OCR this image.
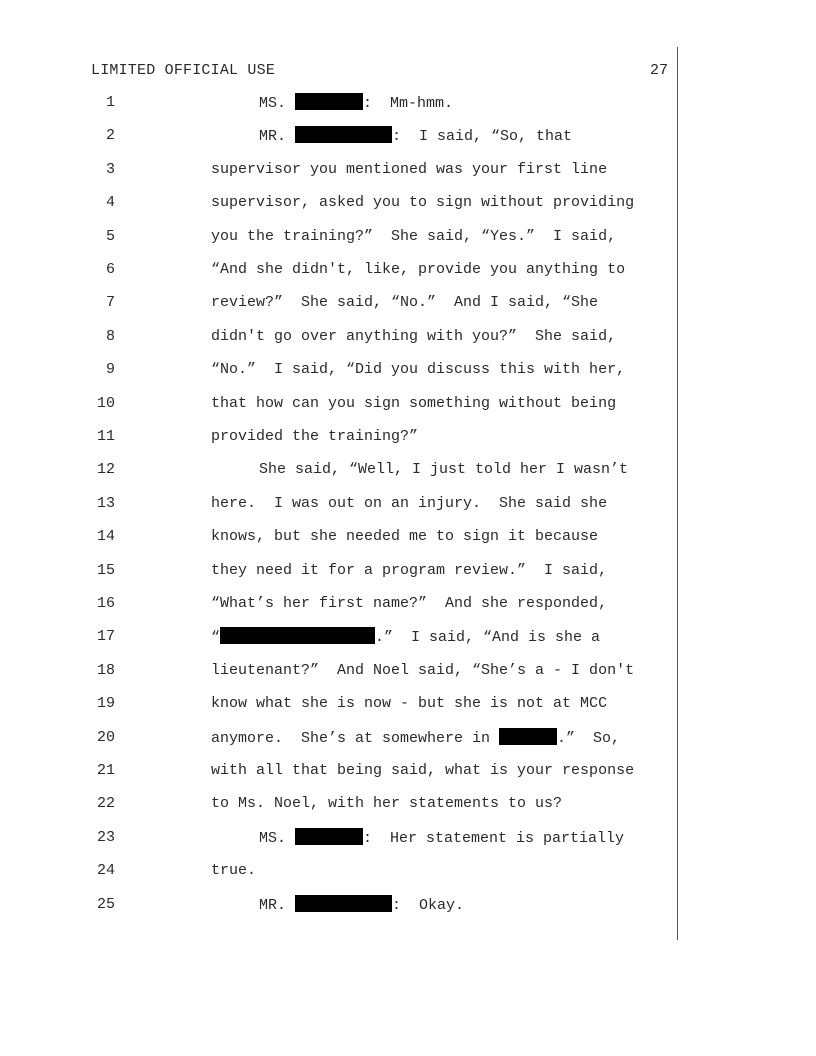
LIMITED OFFICIAL USE	27
1	MS.	:  Mm-hmm.
2	MR.	:  I said, “So, that
3	supervisor you mentioned was your first line
4	supervisor, asked you to sign without providing
5	you the training?”  She said, “Yes.”  I said,
6	“And she didn't, like, provide you anything to
7	review?”  She said, “No.”  And I said, “She
8	didn't go over anything with you?”  She said,
9	“No.”  I said, “Did you discuss this with her,
10	that how can you sign something without being
11	provided the training?”
12	She said, “Well, I just told her I wasn’t
13	here.  I was out on an injury.  She said she
14	knows, but she needed me to sign it because
15	they need it for a program review.”  I said,
16	“What’s her first name?”  And she responded,
17	“	.”  I said, “And is she a
18	lieutenant?”  And Noel said, “She’s a - I don't
19	know what she is now - but she is not at MCC
20	anymore.  She’s at somewhere in	.”  So,
21	with all that being said, what is your response
22	to Ms. Noel, with her statements to us?
23	MS.	:  Her statement is partially
24	true.
25	MR.	:  Okay.
